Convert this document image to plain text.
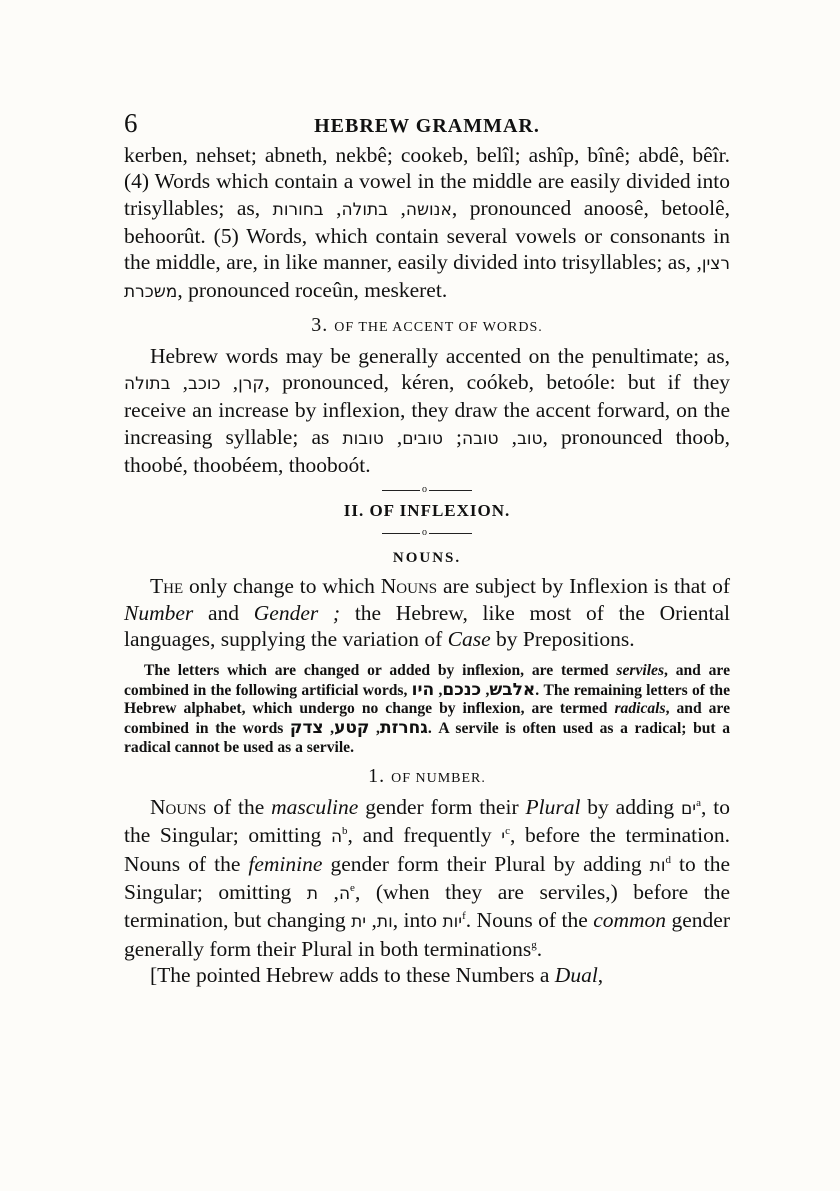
6	HEBREW GRAMMAR.

kerben, nehset; abneth, nekbê; cookeb, belîl; ashîp, bînê; abdê, bêîr. (4) Words which contain a vowel in the middle are easily divided into trisyllables; as,	אנושה, בתולה, בחורות	, pronounced anoosê, betoolê, behoorût. (5) Words, which contain several vowels or consonants in the middle, are, in like manner, easily divided into trisyllables; as, רצין, משכרת, pronounced roceûn, meskeret.

3. OF THE ACCENT OF WORDS.

Hebrew words may be generally accented on the penultimate; as, קרן, כוכב, בתולה	, pronounced, kéren, coókeb, betoóle: but if they receive an increase by inflexion, they draw the accent forward, on the increasing syllable; as	טוב, טובה; טובים, טובות	, pronounced thoob, thoobé, thoobéem, thooboót.

o
II. OF INFLEXION.
o
NOUNS.

The only change to which Nouns are subject by Inflexion is that of Number and Gender ; the Hebrew, like most of the Oriental languages, supplying the variation of Case by Prepositions.

The letters which are changed or added by inflexion, are termed serviles, and are combined in the following artificial words,	אלבש, כנכם, היו	. The remaining letters of the Hebrew alphabet, which undergo no change by inflexion, are termed radicals, and are combined in the words	גחרזת, קטע, צדק	. A servile is often used as a radical; but a radical cannot be used as a servile.

1. OF NUMBER.

Nouns of the masculine gender form their Plural by adding ים$^a$, to the Singular; omitting ה$^b$, and frequently י$^c$, before the termination. Nouns of the feminine gender form their Plural by adding ות$^d$ to the Singular; omitting ה, ת	$^e$, (when they are serviles,) before the termination, but changing ות, ית , into יות$^f$. Nouns of the common gender generally form their Plural in both terminations$^g$.

[The pointed Hebrew adds to these Numbers a Dual,
